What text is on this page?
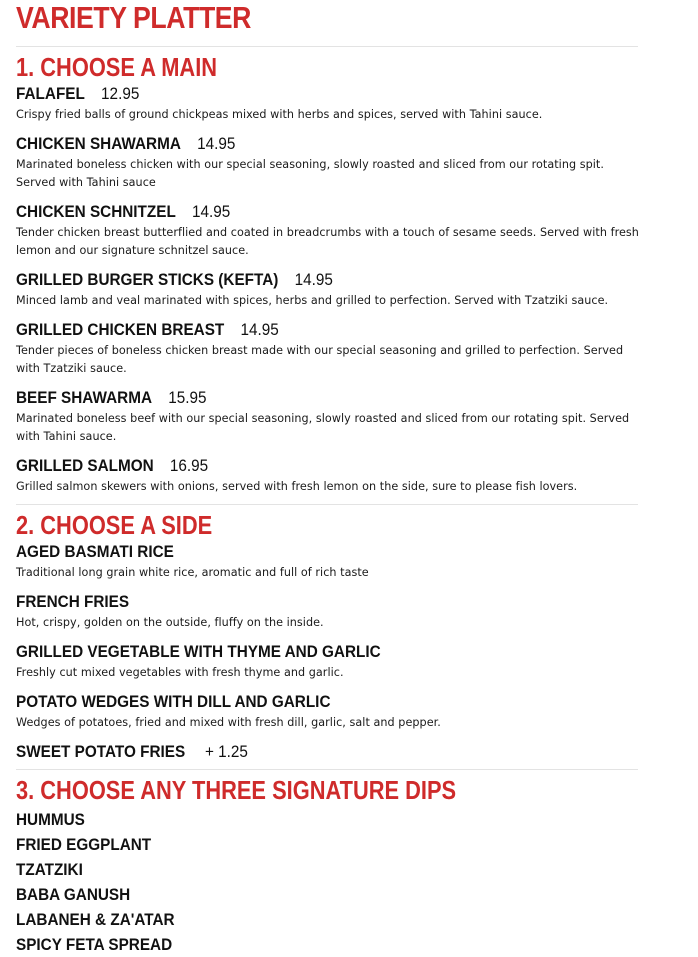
VARIETY PLATTER
1. CHOOSE A MAIN
FALAFEL 12.95

Crispy fried balls of ground chickpeas mixed with herbs and spices, served with Tahini sauce.

CHICKEN SHAWARMA 14.95

Marinated boneless chicken with our special seasoning, slowly roasted and sliced from our rotating spit. Served with Tahini sauce

CHICKEN SCHNITZEL 14.95

Tender chicken breast butterflied and coated in breadcrumbs with a touch of sesame seeds. Served with fresh lemon and our signature schnitzel sauce.

GRILLED BURGER STICKS (KEFTA) 14.95

Minced lamb and veal marinated with spices, herbs and grilled to perfection. Served with Tzatziki sauce.

GRILLED CHICKEN BREAST 14.95

Tender pieces of boneless chicken breast made with our special seasoning and grilled to perfection. Served with Tzatziki sauce.

BEEF SHAWARMA 15.95

Marinated boneless beef with our special seasoning, slowly roasted and sliced from our rotating spit. Served with Tahini sauce.

GRILLED SALMON 16.95

Grilled salmon skewers with onions, served with fresh lemon on the side, sure to please fish lovers.

2. CHOOSE A SIDE
AGED BASMATI RICE

Traditional long grain white rice, aromatic and full of rich taste

FRENCH FRIES

Hot, crispy, golden on the outside, fluffy on the inside.

GRILLED VEGETABLE WITH THYME AND GARLIC

Freshly cut mixed vegetables with fresh thyme and garlic.

POTATO WEDGES WITH DILL AND GARLIC

Wedges of potatoes, fried and mixed with fresh dill, garlic, salt and pepper.

SWEET POTATO FRIES + 1.25
3. CHOOSE ANY THREE SIGNATURE DIPS
HUMMUS
FRIED EGGPLANT
TZATZIKI
BABA GANUSH
LABANEH & ZA'ATAR
SPICY FETA SPREAD
